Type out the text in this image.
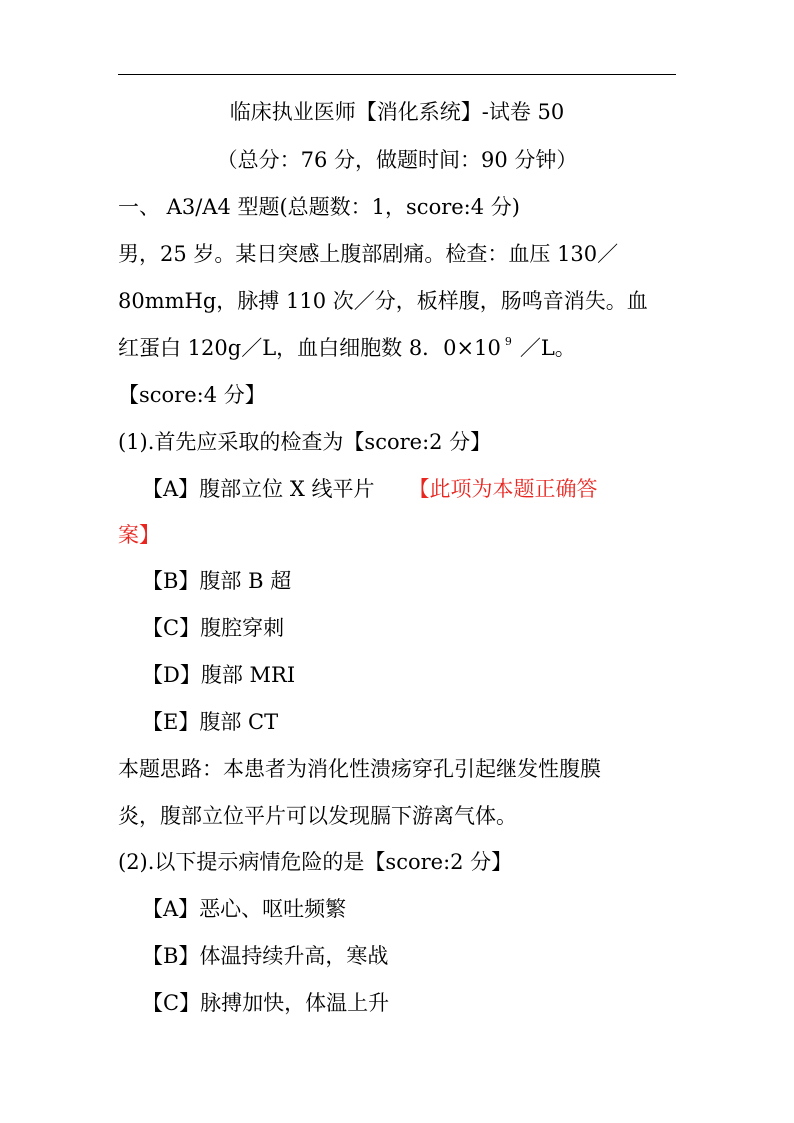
临床执业医师【消化系统】-试卷 50
（总分：76 分，做题时间：90 分钟）
一、 A3/A4 型题(总题数：1，score:4 分)
男，25 岁。某日突感上腹部剧痛。检查：血压 130／
80mmHg，脉搏 110 次／分，板样腹，肠鸣音消失。血
红蛋白 120g／L，血白细胞数 8．0×10 $^9$ ／L。
【score:4 分】
(1).首先应采取的检查为【score:2 分】
【A】腹部立位 X 线平片 【此项为本题正确答
案】
【B】腹部 B 超
【C】腹腔穿刺
【D】腹部 MRI
【E】腹部 CT
本题思路：本患者为消化性溃疡穿孔引起继发性腹膜
炎，腹部立位平片可以发现膈下游离气体。
(2).以下提示病情危险的是【score:2 分】
【A】恶心、呕吐频繁
【B】体温持续升高，寒战
【C】脉搏加快，体温上升
